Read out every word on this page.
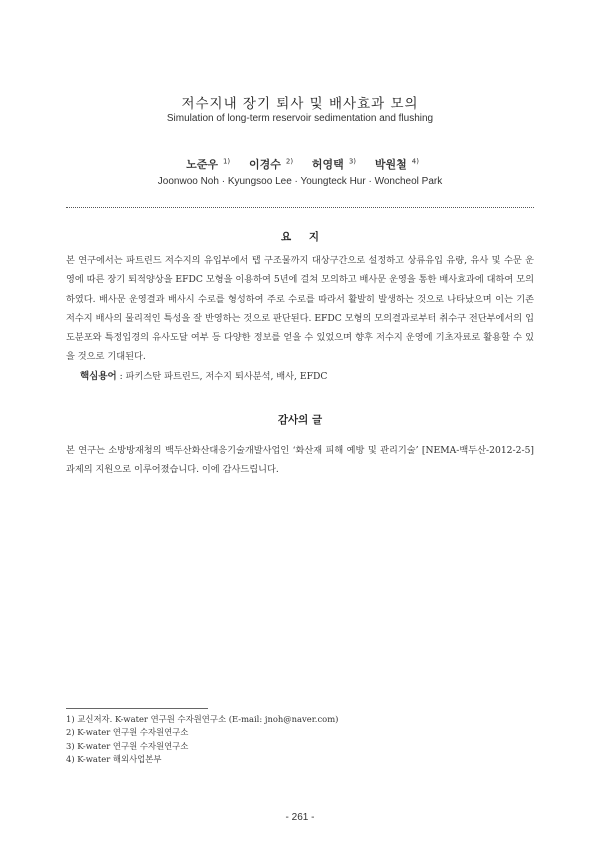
저수지내 장기 퇴사 및 배사효과 모의
Simulation of long-term reservoir sedimentation and flushing
노준우 $^{1)}$ 이경수 $^{2)}$ 허영택 $^{3)}$ 박원철 $^{4)}$
Joonwoo Noh · Kyungsoo Lee · Youngteck Hur · Woncheol Park
요 지

본 연구에서는 파트린드 저수지의 유입부에서 탭 구조물까지 대상구간으로 설정하고 상류유입 유량, 유사 및 수문 운영에 따른 장기 퇴적양상을 EFDC 모형을 이용하여 5년에 걸쳐 모의하고 배사문 운영을 통한 배사효과에 대하여 모의하였다. 배사문 운영결과 배사시 수로를 형성하여 주로 수로를 따라서 활발히 발생하는 것으로 나타났으며 이는 기존 저수지 배사의 물리적인 특성을 잘 반영하는 것으로 판단된다. EFDC 모형의 모의결과로부터 취수구 전단부에서의 입도분포와 특정입경의 유사도달 여부 등 다양한 정보를 얻을 수 있었으며 향후 저수지 운영에 기초자료로 활용할 수 있을 것으로 기대된다.

핵심용어 : 파키스탄 파트린드, 저수지 퇴사분석, 배사, EFDC
감사의 글

본 연구는 소방방재청의 백두산화산대응기술개발사업인 ‘화산재 피해 예방 및 관리기술’ [NEMA-백두산-2012-2-5]과제의 지원으로 이루어졌습니다. 이에 감사드립니다.

1) 교신저자. K-water 연구원 수자원연구소 (E-mail: jnoh@naver.com)
2) K-water 연구원 수자원연구소
3) K-water 연구원 수자원연구소
4) K-water 해외사업본부
- 261 -
